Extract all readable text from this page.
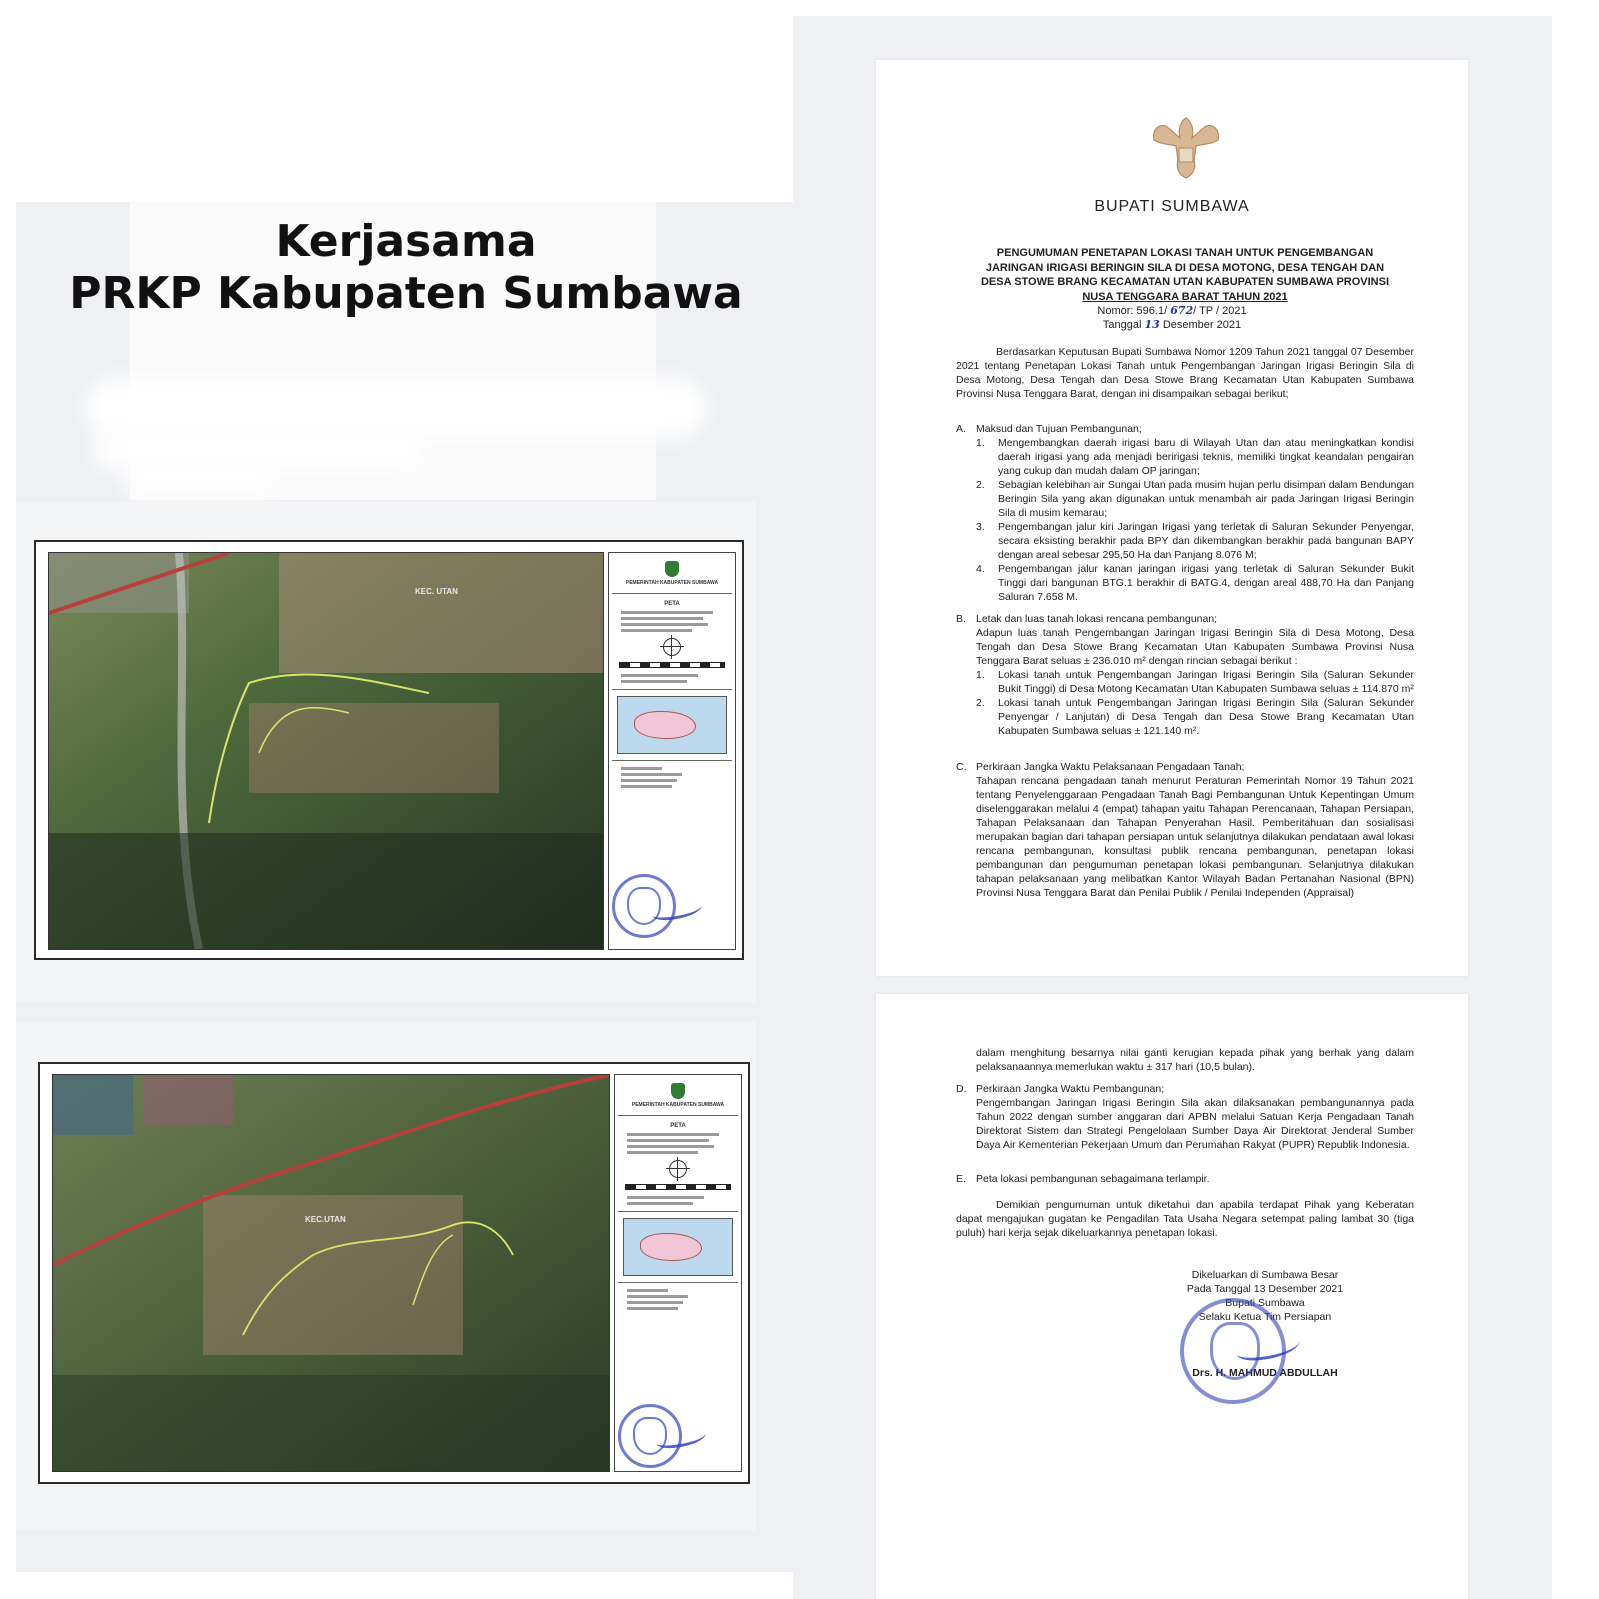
Kerjasama
PRKP Kabupaten Sumbawa
KEC. UTAN
PEMERINTAH KABUPATEN SUMBAWA
PETA
KEC.UTAN
PEMERINTAH KABUPATEN SUMBAWA
PETA
BUPATI SUMBAWA
PENGUMUMAN PENETAPAN LOKASI TANAH UNTUK PENGEMBANGAN
JARINGAN IRIGASI BERINGIN SILA DI DESA MOTONG, DESA TENGAH DAN
DESA STOWE BRANG KECAMATAN UTAN KABUPATEN SUMBAWA PROVINSI
NUSA TENGGARA BARAT TAHUN 2021
Nomor: 596.1/ 672/ TP / 2021
Tanggal 13 Desember 2021
Berdasarkan Keputusan Bupati Sumbawa Nomor 1209 Tahun 2021 tanggal 07 Desember 2021 tentang Penetapan Lokasi Tanah untuk Pengembangan Jaringan Irigasi Beringin Sila di Desa Motong, Desa Tengah dan Desa Stowe Brang Kecamatan Utan Kabupaten Sumbawa Provinsi Nusa Tenggara Barat, dengan ini disampaikan sebagai berikut;
A. Maksud dan Tujuan Pembangunan;

1. Mengembangkan daerah irigasi baru di Wilayah Utan dan atau meningkatkan kondisi daerah irigasi yang ada menjadi beririgasi teknis, memiliki tingkat keandalan pengairan yang cukup dan mudah dalam OP jaringan;

2. Sebagian kelebihan air Sungai Utan pada musim hujan perlu disimpan dalam Bendungan Beringin Sila yang akan digunakan untuk menambah air pada Jaringan Irigasi Beringin Sila di musim kemarau;

3. Pengembangan jalur kiri Jaringan Irigasi yang terletak di Saluran Sekunder Penyengar, secara eksisting berakhir pada BPY dan dikembangkan berakhir pada bangunan BAPY dengan areal sebesar 295,50 Ha dan Panjang 8.076 M;

4. Pengembangan jalur kanan jaringan irigasi yang terletak di Saluran Sekunder Bukit Tinggi dari bangunan BTG.1 berakhir di BATG.4, dengan areal 488,70 Ha dan Panjang Saluran 7.658 M.

B. Letak dan luas tanah lokasi rencana pembangunan;
Adapun luas tanah Pengembangan Jaringan Irigasi Beringin Sila di Desa Motong, Desa Tengah dan Desa Stowe Brang Kecamatan Utan Kabupaten Sumbawa Provinsi Nusa Tenggara Barat seluas ± 236.010 m² dengan rincian sebagai berikut :

1. Lokasi tanah untuk Pengembangan Jaringan Irigasi Beringin Sila (Saluran Sekunder Bukit Tinggi) di Desa Motong Kecamatan Utan Kabupaten Sumbawa seluas ± 114.870 m²

2. Lokasi tanah untuk Pengembangan Jaringan Irigasi Beringin Sila (Saluran Sekunder Penyengar / Lanjutan) di Desa Tengah dan Desa Stowe Brang Kecamatan Utan Kabupaten Sumbawa seluas ± 121.140 m².

C. Perkiraan Jangka Waktu Pelaksanaan Pengadaan Tanah;
Tahapan rencana pengadaan tanah menurut Peraturan Pemerintah Nomor 19 Tahun 2021 tentang Penyelenggaraan Pengadaan Tanah Bagi Pembangunan Untuk Kepentingan Umum diselenggarakan melalui 4 (empat) tahapan yaitu Tahapan Perencanaan, Tahapan Persiapan, Tahapan Pelaksanaan dan Tahapan Penyerahan Hasil. Pemberitahuan dan sosialisasi merupakan bagian dari tahapan persiapan untuk selanjutnya dilakukan pendataan awal lokasi rencana pembangunan, konsultasi publik rencana pembangunan, penetapan lokasi pembangunan dan pengumuman penetapan lokasi pembangunan. Selanjutnya dilakukan tahapan pelaksanaan yang melibatkan Kantor Wilayah Badan Pertanahan Nasional (BPN) Provinsi Nusa Tenggara Barat dan Penilai Publik / Penilai Independen (Appraisal)
dalam menghitung besarnya nilai ganti kerugian kepada pihak yang berhak yang dalam pelaksanaannya memerlukan waktu ± 317 hari (10,5 bulan).
D. Perkiraan Jangka Waktu Pembangunan;
Pengembangan Jaringan Irigasi Beringin Sila akan dilaksanakan pembangunannya pada Tahun 2022 dengan sumber anggaran dari APBN melalui Satuan Kerja Pengadaan Tanah Direktorat Sistem dan Strategi Pengelolaan Sumber Daya Air Direktorat Jenderal Sumber Daya Air Kementerian Pekerjaan Umum dan Perumahan Rakyat (PUPR) Republik Indonesia.
E. Peta lokasi pembangunan sebagaimana terlampir.
Demikian pengumuman untuk diketahui dan apabila terdapat Pihak yang Keberatan dapat mengajukan gugatan ke Pengadilan Tata Usaha Negara setempat paling lambat 30 (tiga puluh) hari kerja sejak dikeluarkannya penetapan lokasi.
Dikeluarkan di Sumbawa Besar
Pada Tanggal 13 Desember 2021
Bupati Sumbawa
Selaku Ketua Tim Persiapan
Drs. H. MAHMUD ABDULLAH
